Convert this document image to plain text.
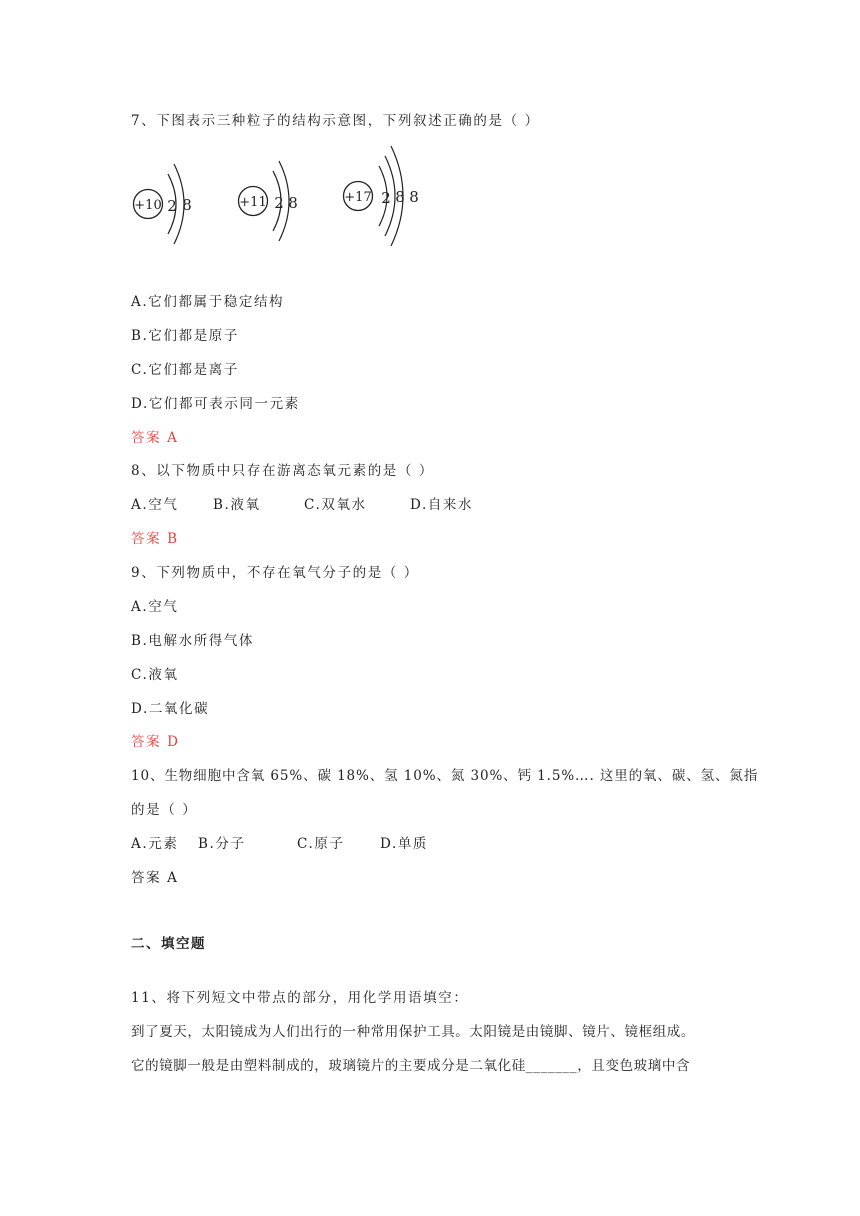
7、下图表示三种粒子的结构示意图，下列叙述正确的是（ ）
+10 2 8	+11 2 8	+17 2 8 8
A.它们都属于稳定结构
B.它们都是原子
C.它们都是离子
D.它们都可表示同一元素
答案 A
8、以下物质中只存在游离态氧元素的是（ ）
A.空气	B.液氧	C.双氧水	D.自来水
答案 B
9、下列物质中，不存在氧气分子的是（ ）
A.空气
B.电解水所得气体
C.液氧
D.二氧化碳
答案 D
10、生物细胞中含氧 65%、碳 18%、氢 10%、氮 30%、钙 1.5%…. 这里的氧、碳、氢、氮指
的是（ ）
A.元素 B.分子	C.原子	D.单质
答案 A
二、填空题
11、将下列短文中带点的部分，用化学用语填空：
到了夏天，太阳镜成为人们出行的一种常用保护工具。太阳镜是由镜脚、镜片、镜框组成。
它的镜脚一般是由塑料制成的，玻璃镜片的主要成分是二氧化硅_______，且变色玻璃中含
